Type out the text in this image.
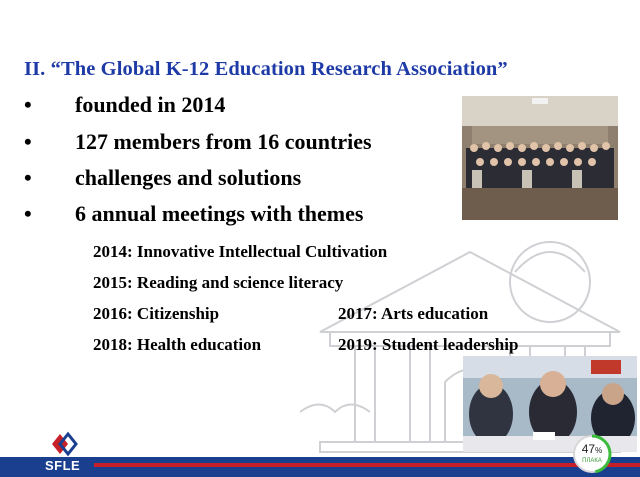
II. “The Global K-12 Education Research Association”
• founded in 2014
• 127 members from 16 countries
• challenges and solutions
• 6 annual meetings with themes
2014: Innovative Intellectual Cultivation
2015: Reading and science literacy
2016: Citizenship	2017: Arts education
2018: Health education	2019: Student leadership
SFLE
47%
ПЛАКА
